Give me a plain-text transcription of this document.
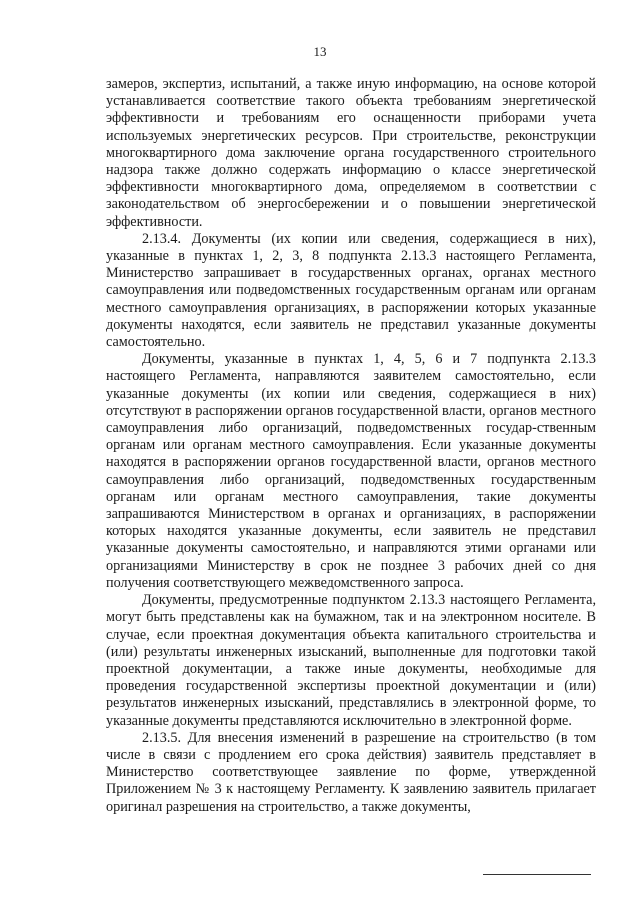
13

замеров, экспертиз, испытаний, а также иную информацию, на основе которой устанавливается соответствие такого объекта требованиям энергетической эффективности и требованиям его оснащенности приборами учета используемых энергетических ресурсов. При строительстве, реконструкции многоквартирного дома заключение органа государственного строительного надзора также должно содержать информацию о классе энергетической эффективности многоквартирного дома, определяемом в соответствии с законодательством об энергосбережении и о повышении энергетической эффективности.

2.13.4. Документы (их копии или сведения, содержащиеся в них), указанные в пунктах 1, 2, 3, 8 подпункта 2.13.3 настоящего Регламента, Министерство запрашивает в государственных органах, органах местного самоуправления или подведомственных государственным органам или органам местного самоуправления организациях, в распоряжении которых указанные документы находятся, если заявитель не представил указанные документы самостоятельно.

Документы, указанные в пунктах 1, 4, 5, 6 и 7 подпункта 2.13.3 настоящего Регламента, направляются заявителем самостоятельно, если указанные документы (их копии или сведения, содержащиеся в них) отсутствуют в распоряжении органов государственной власти, органов местного самоуправления либо организаций, подведомственных государ-ственным органам или органам местного самоуправления. Если указанные документы находятся в распоряжении органов государственной власти, органов местного самоуправления либо организаций, подведомственных государственным органам или органам местного самоуправления, такие документы запрашиваются Министерством в органах и организациях, в распоряжении которых находятся указанные документы, если заявитель не представил указанные документы самостоятельно, и направляются этими органами или организациями Министерству в срок не позднее 3 рабочих дней со дня получения соответствующего межведомственного запроса.

Документы, предусмотренные подпунктом 2.13.3 настоящего Регламента, могут быть представлены как на бумажном, так и на электронном носителе. В случае, если проектная документация объекта капитального строительства и (или) результаты инженерных изысканий, выполненные для подготовки такой проектной документации, а также иные документы, необходимые для проведения государственной экспертизы проектной документации и (или) результатов инженерных изысканий, представлялись в электронной форме, то указанные документы представляются исключительно в электронной форме.

2.13.5. Для внесения изменений в разрешение на строительство (в том числе в связи с продлением его срока действия) заявитель представляет в Министерство соответствующее заявление по форме, утвержденной Приложением № 3 к настоящему Регламенту. К заявлению заявитель прилагает оригинал разрешения на строительство, а также документы,
